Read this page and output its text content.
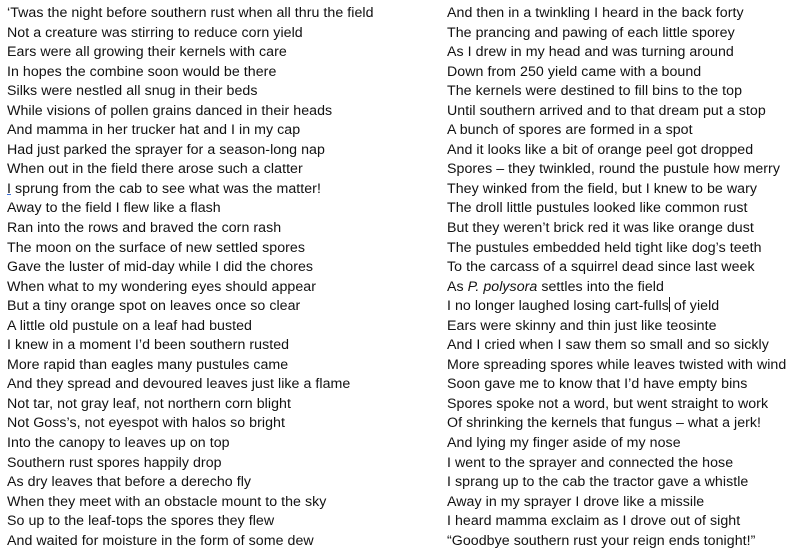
‘Twas the night before southern rust when all thru the field
Not a creature was stirring to reduce corn yield
Ears were all growing their kernels with care
In hopes the combine soon would be there
Silks were nestled all snug in their beds
While visions of pollen grains danced in their heads
And mamma in her trucker hat and I in my cap
Had just parked the sprayer for a season-long nap
When out in the field there arose such a clatter
I sprung from the cab to see what was the matter!
Away to the field I flew like a flash
Ran into the rows and braved the corn rash
The moon on the surface of new settled spores
Gave the luster of mid-day while I did the chores
When what to my wondering eyes should appear
But a tiny orange spot on leaves once so clear
A little old pustule on a leaf had busted
I knew in a moment I’d been southern rusted
More rapid than eagles many pustules came
And they spread and devoured leaves just like a flame
Not tar, not gray leaf, not northern corn blight
Not Goss’s, not eyespot with halos so bright
Into the canopy to leaves up on top
Southern rust spores happily drop
As dry leaves that before a derecho fly
When they meet with an obstacle mount to the sky
So up to the leaf-tops the spores they flew
And waited for moisture in the form of some dew
And then in a twinkling I heard in the back forty
The prancing and pawing of each little sporey
As I drew in my head and was turning around
Down from 250 yield came with a bound
The kernels were destined to fill bins to the top
Until southern arrived and to that dream put a stop
A bunch of spores are formed in a spot
And it looks like a bit of orange peel got dropped
Spores – they twinkled, round the pustule how merry
They winked from the field, but I knew to be wary
The droll little pustules looked like common rust
But they weren’t brick red it was like orange dust
The pustules embedded held tight like dog’s teeth
To the carcass of a squirrel dead since last week
As P. polysora settles into the field
I no longer laughed losing cart-fulls of yield
Ears were skinny and thin just like teosinte
And I cried when I saw them so small and so sickly
More spreading spores while leaves twisted with wind
Soon gave me to know that I’d have empty bins
Spores spoke not a word, but went straight to work
Of shrinking the kernels that fungus – what a jerk!
And lying my finger aside of my nose
I went to the sprayer and connected the hose
I sprang up to the cab the tractor gave a whistle
Away in my sprayer I drove like a missile
I heard mamma exclaim as I drove out of sight
“Goodbye southern rust your reign ends tonight!”
